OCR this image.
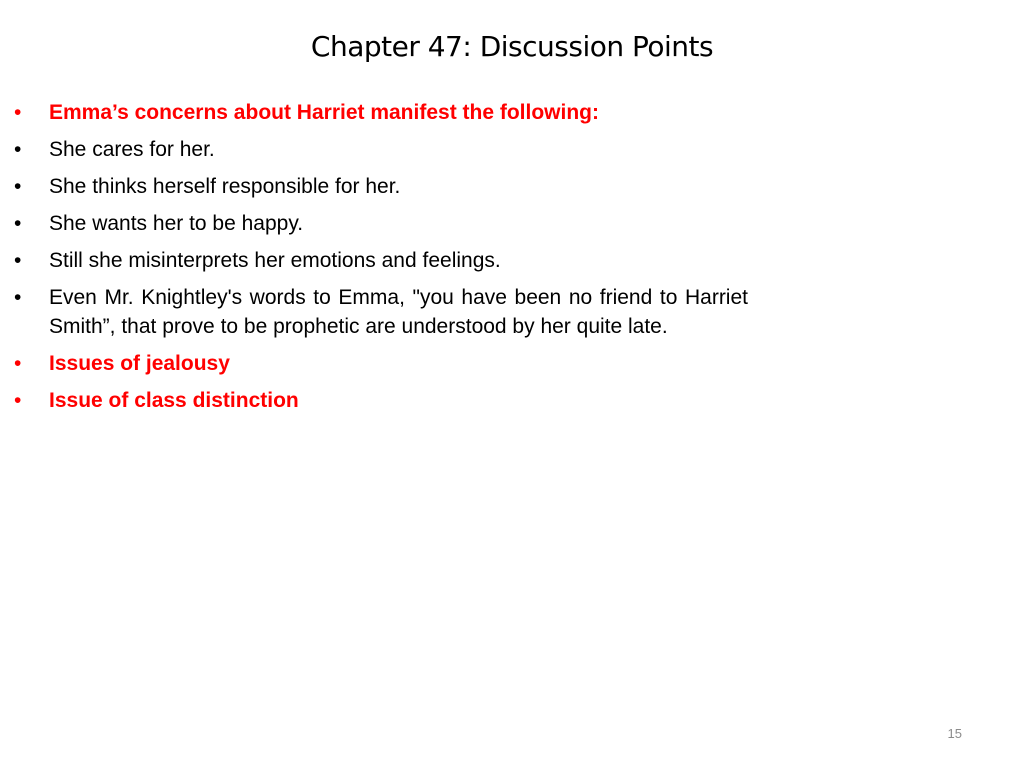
Chapter 47: Discussion Points
•	Emma’s concerns about Harriet manifest the following:
•	She cares for her.
•	She thinks herself responsible for her.
•	She wants her to be happy.
•	Still she misinterprets her emotions and feelings.
•	Even Mr. Knightley's words to Emma, "you have been no friend to Harriet Smith”, that prove to be prophetic are understood by her quite late.
•	Issues of jealousy
•	Issue of class distinction
15
